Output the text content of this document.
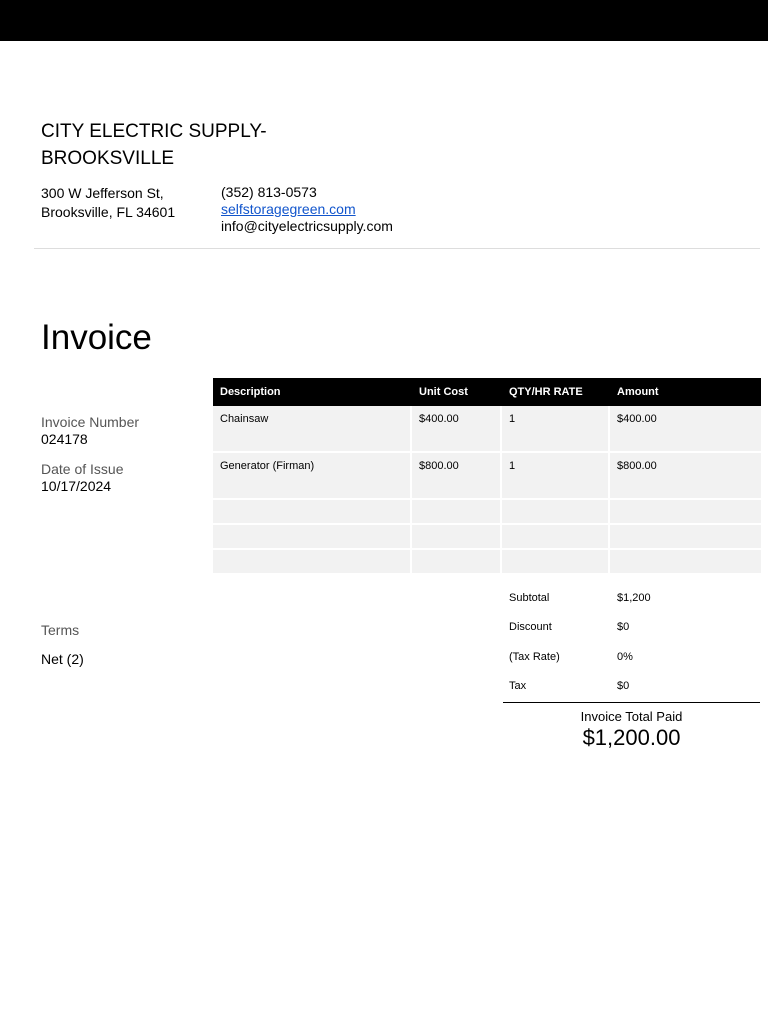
CITY ELECTRIC SUPPLY-BROOKSVILLE
300 W Jefferson St,
Brooksville, FL 34601
(352) 813-0573
selfstoragegreen.com
info@cityelectricsupply.com
Invoice
Invoice Number
024178
Date of Issue
10/17/2024
Terms
Net (2)
Description	Unit Cost	QTY/HR RATE	Amount
Chainsaw	$400.00	1	$400.00
Generator (Firman)	$800.00	1	$800.00

Subtotal	$1,200
Discount	$0
(Tax Rate)	0%
Tax	$0
Invoice Total Paid
$1,200.00
